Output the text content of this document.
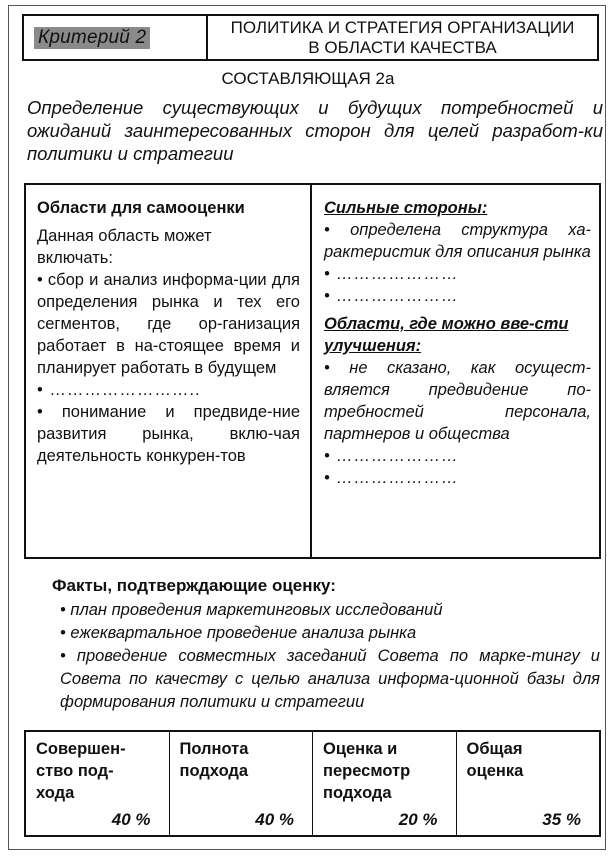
Критерий 2	ПОЛИТИКА И СТРАТЕГИЯ ОРГАНИЗАЦИИ
В ОБЛАСТИ КАЧЕСТВА
СОСТАВЛЯЮЩАЯ 2а
Определение существующих и будущих потребностей и ожиданий заинтересованных сторон для целей разработ-ки политики и стратегии
Области для самооценки

Данная область может включать:

• сбор и анализ информа-ции для определения рынка и тех его сегментов, где ор-ганизация работает в на-стоящее время и планирует работать в будущем

• ……………………..

• понимание и предвиде-ние развития рынка, вклю-чая деятельность конкурен-тов

Сильные стороны:

• определена структура ха-рактеристик для описания рынка

• …………………

• …………………

Области, где можно вве-сти улучшения:

• не сказано, как осущест-вляется предвидение по-требностей персонала, партнеров и общества

• …………………

• …………………

Факты, подтверждающие оценку:
• план проведения маркетинговых исследований
• ежеквартальное проведение анализа рынка
• проведение совместных заседаний Совета по марке-тингу и Совета по качеству с целью анализа информа-ционной базы для формирования политики и стратегии
Совершен-
ство под-
хода
40 %
Полнота
подхода
40 %
Оценка и
пересмотр
подхода
20 %
Общая
оценка
35 %
